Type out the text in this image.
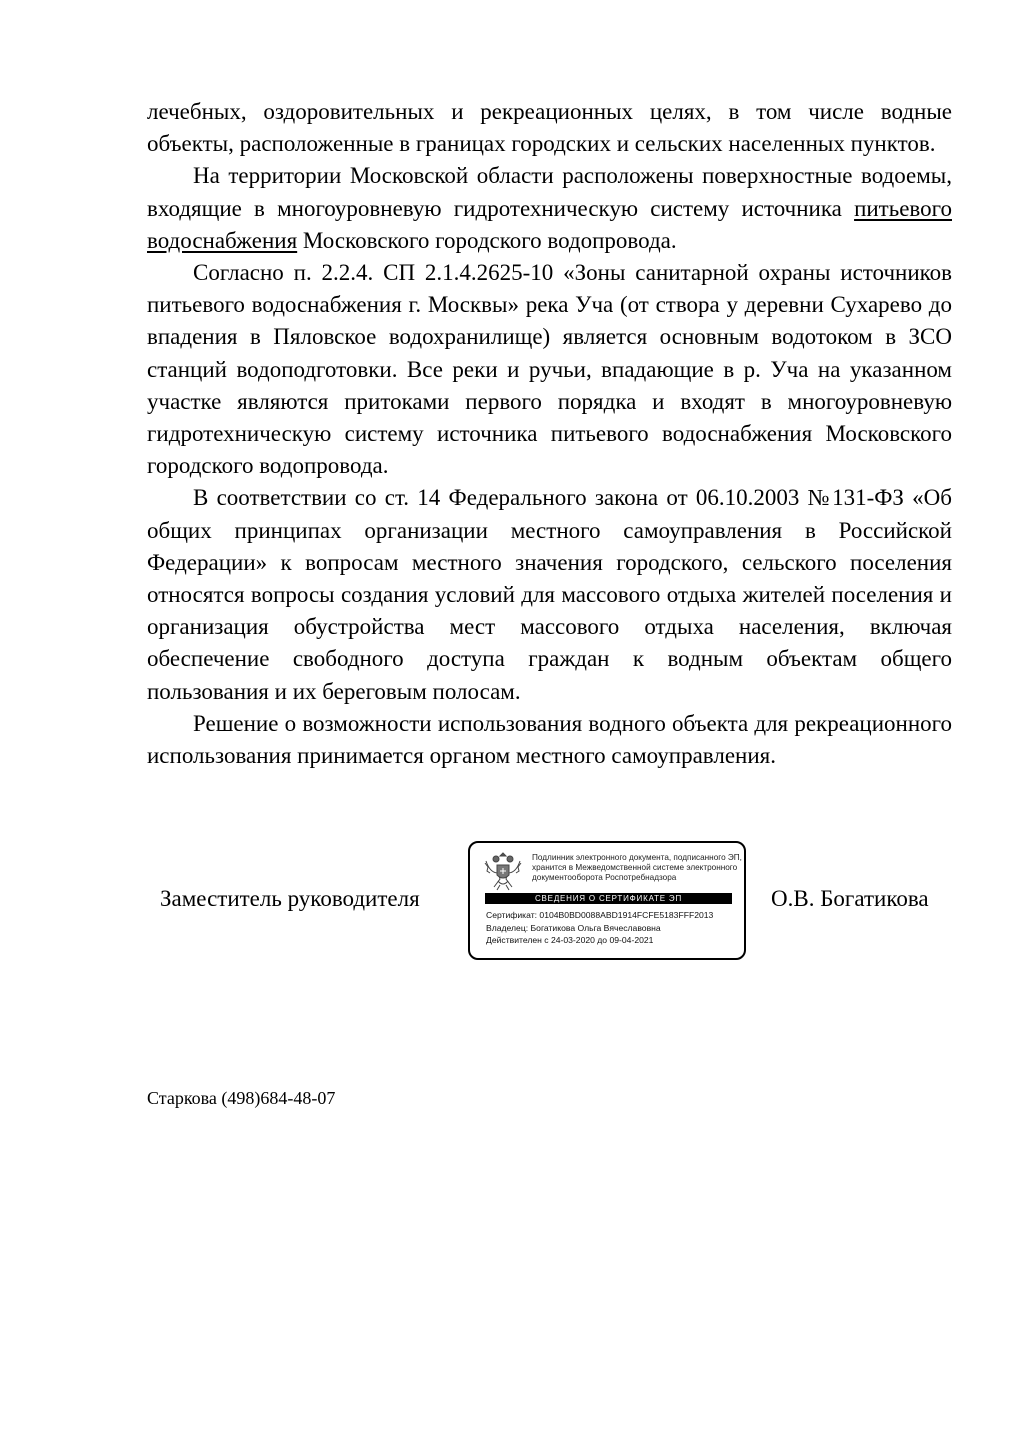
лечебных, оздоровительных и рекреационных целях, в том числе водные объекты, расположенные в границах городских и сельских населенных пунктов.

На территории Московской области расположены поверхностные водоемы, входящие в многоуровневую гидротехническую систему источника питьевого водоснабжения Московского городского водопровода.

Согласно п. 2.2.4. СП 2.1.4.2625-10 «Зоны санитарной охраны источников питьевого водоснабжения г. Москвы» река Уча (от створа у деревни Сухарево до впадения в Пяловское водохранилище) является основным водотоком в ЗСО станций водоподготовки. Все реки и ручьи, впадающие в р. Уча на указанном участке являются притоками первого порядка и входят в многоуровневую гидротехническую систему источника питьевого водоснабжения Московского городского водопровода.

В соответствии со ст. 14 Федерального закона от 06.10.2003 №131-ФЗ «Об общих принципах организации местного самоуправления в Российской Федерации» к вопросам местного значения городского, сельского поселения относятся вопросы создания условий для массового отдыха жителей поселения и организация обустройства мест массового отдыха населения, включая обеспечение свободного доступа граждан к водным объектам общего пользования и их береговым полосам.

Решение о возможности использования водного объекта для рекреационного использования принимается органом местного самоуправления.

Заместитель руководителя
Подлинник электронного документа, подписанного ЭП, хранится в Межведомственной системе электронного документооборота Роспотребнадзора
СВЕДЕНИЯ О СЕРТИФИКАТЕ ЭП
Сертификат: 0104B0BD0088ABD1914FCFE5183FFF2013
Владелец: Богатикова Ольга Вячеславовна
Действителен с 24-03-2020 до 09-04-2021
О.В. Богатикова
Старкова (498)684-48-07
